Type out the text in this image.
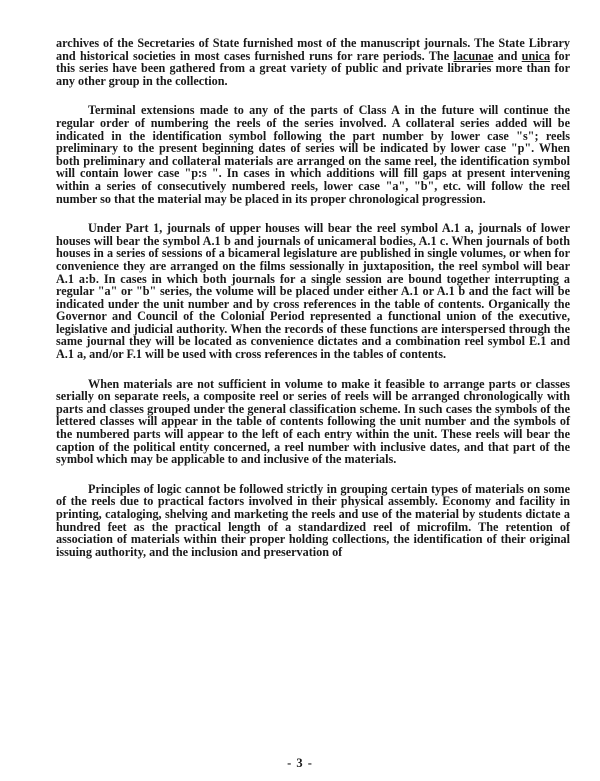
archives of the Secretaries of State furnished most of the manuscript journals. The State Library and historical societies in most cases furnished runs for rare periods. The lacunae and unica for this series have been gathered from a great variety of public and private libraries more than for any other group in the collection.

Terminal extensions made to any of the parts of Class A in the future will continue the regular order of numbering the reels of the series involved. A collateral series added will be indicated in the identification symbol following the part number by lower case "s"; reels preliminary to the present beginning dates of series will be indicated by lower case "p". When both preliminary and collateral materials are arranged on the same reel, the identification symbol will contain lower case "p:s ". In cases in which additions will fill gaps at present intervening within a series of consecutively numbered reels, lower case "a", "b", etc. will follow the reel number so that the material may be placed in its proper chronological progression.

Under Part 1, journals of upper houses will bear the reel symbol A.1 a, journals of lower houses will bear the symbol A.1 b and journals of unicameral bodies, A.1 c. When journals of both houses in a series of sessions of a bicameral legislature are published in single volumes, or when for convenience they are arranged on the films sessionally in juxtaposition, the reel symbol will bear A.1 a:b. In cases in which both journals for a single session are bound together interrupting a regular "a" or "b" series, the volume will be placed under either A.1 or A.1 b and the fact will be indicated under the unit number and by cross references in the table of contents. Organically the Governor and Council of the Colonial Period represented a functional union of the executive, legislative and judicial authority. When the records of these functions are interspersed through the same journal they will be located as convenience dictates and a combination reel symbol E.1 and A.1 a, and/or F.1 will be used with cross references in the tables of contents.

When materials are not sufficient in volume to make it feasible to arrange parts or classes serially on separate reels, a composite reel or series of reels will be arranged chronologically with parts and classes grouped under the general classification scheme. In such cases the symbols of the lettered classes will appear in the table of contents following the unit number and the symbols of the numbered parts will appear to the left of each entry within the unit. These reels will bear the caption of the political entity concerned, a reel number with inclusive dates, and that part of the symbol which may be applicable to and inclusive of the materials.

Principles of logic cannot be followed strictly in grouping certain types of materials on some of the reels due to practical factors involved in their physical assembly. Economy and facility in printing, cataloging, shelving and marketing the reels and use of the material by students dictate a hundred feet as the practical length of a standardized reel of microfilm. The retention of association of materials within their proper holding collections, the identification of their original issuing authority, and the inclusion and preservation of

- 3 -
